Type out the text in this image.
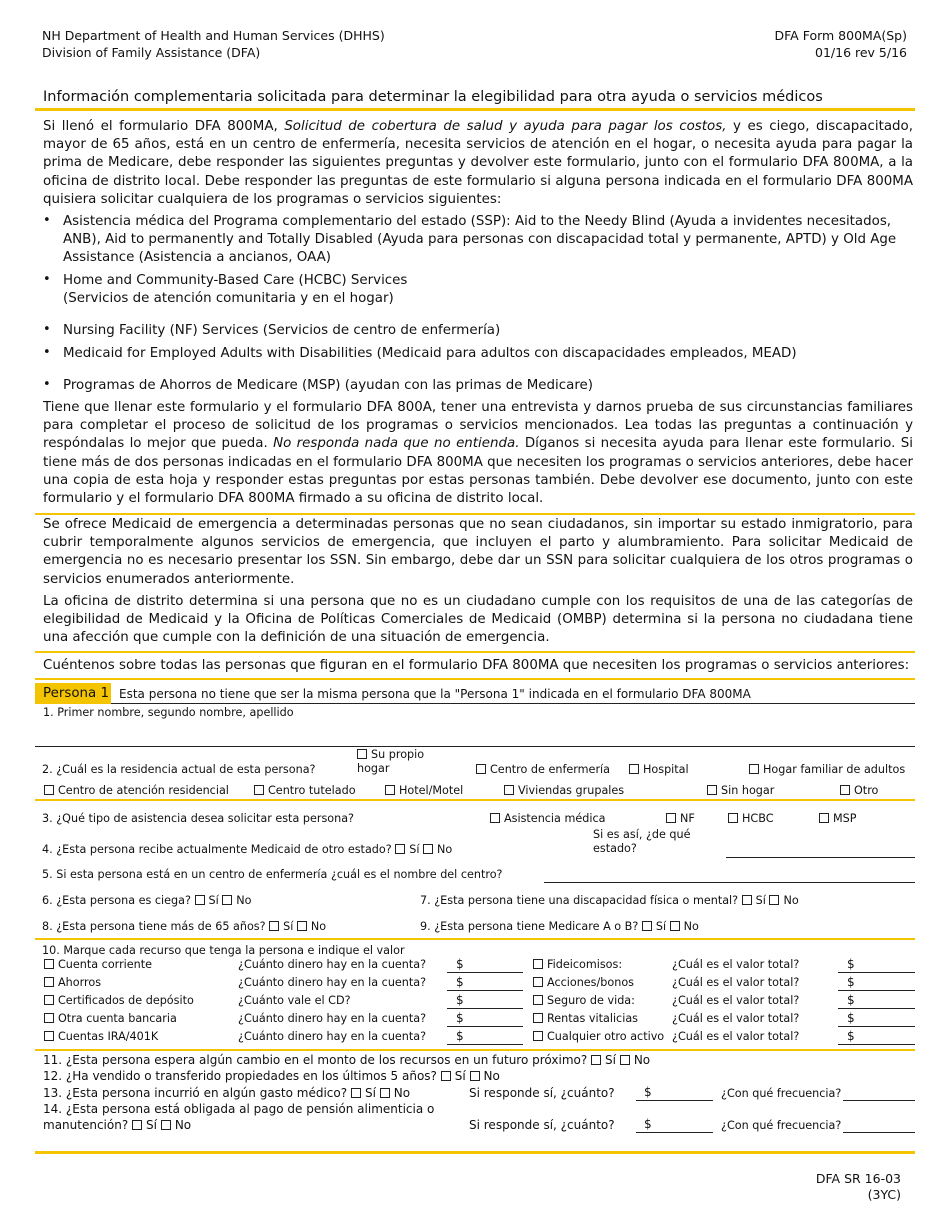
NH Department of Health and Human Services (DHHS)
Division of Family Assistance (DFA)
DFA Form 800MA(Sp)
01/16 rev 5/16
Información complementaria solicitada para determinar la elegibilidad para otra ayuda o servicios médicos
Si llenó el formulario DFA 800MA, Solicitud de cobertura de salud y ayuda para pagar los costos, y es ciego, discapacitado, mayor de 65 años, está en un centro de enfermería, necesita servicios de atención en el hogar, o necesita ayuda para pagar la prima de Medicare, debe responder las siguientes preguntas y devolver este formulario, junto con el formulario DFA 800MA, a la oficina de distrito local. Debe responder las preguntas de este formulario si alguna persona indicada en el formulario DFA 800MA quisiera solicitar cualquiera de los programas o servicios siguientes:
• Asistencia médica del Programa complementario del estado (SSP): Aid to the Needy Blind (Ayuda a invidentes necesitados, ANB), Aid to permanently and Totally Disabled (Ayuda para personas con discapacidad total y permanente, APTD) y Old Age Assistance (Asistencia a ancianos, OAA)
• Home and Community-Based Care (HCBC) Services
(Servicios de atención comunitaria y en el hogar)
• Nursing Facility (NF) Services (Servicios de centro de enfermería)
• Medicaid for Employed Adults with Disabilities (Medicaid para adultos con discapacidades empleados, MEAD)
• Programas de Ahorros de Medicare (MSP) (ayudan con las primas de Medicare)
Tiene que llenar este formulario y el formulario DFA 800A, tener una entrevista y darnos prueba de sus circunstancias familiares para completar el proceso de solicitud de los programas o servicios mencionados. Lea todas las preguntas a continuación y respóndalas lo mejor que pueda. No responda nada que no entienda. Díganos si necesita ayuda para llenar este formulario. Si tiene más de dos personas indicadas en el formulario DFA 800MA que necesiten los programas o servicios anteriores, debe hacer una copia de esta hoja y responder estas preguntas por estas personas también. Debe devolver ese documento, junto con este formulario y el formulario DFA 800MA firmado a su oficina de distrito local.
Se ofrece Medicaid de emergencia a determinadas personas que no sean ciudadanos, sin importar su estado inmigratorio, para cubrir temporalmente algunos servicios de emergencia, que incluyen el parto y alumbramiento. Para solicitar Medicaid de emergencia no es necesario presentar los SSN. Sin embargo, debe dar un SSN para solicitar cualquiera de los otros programas o servicios enumerados anteriormente.
La oficina de distrito determina si una persona que no es un ciudadano cumple con los requisitos de una de las categorías de elegibilidad de Medicaid y la Oficina de Políticas Comerciales de Medicaid (OMBP) determina si la persona no ciudadana tiene una afección que cumple con la definición de una situación de emergencia.
Cuéntenos sobre todas las personas que figuran en el formulario DFA 800MA que necesiten los programas o servicios anteriores:
Persona 1 Esta persona no tiene que ser la misma persona que la "Persona 1" indicada en el formulario DFA 800MA
1. Primer nombre, segundo nombre, apellido
2. ¿Cuál es la residencia actual de esta persona?
Su propio hogar	Centro de enfermería	Hospital	Hogar familiar de adultos
Centro de atención residencial	Centro tutelado	Hotel/Motel	Viviendas grupales	Sin hogar	Otro
3. ¿Qué tipo de asistencia desea solicitar esta persona?	Asistencia médica	NF	HCBC	MSP
4. ¿Esta persona recibe actualmente Medicaid de otro estado? Sí No
Si es así, ¿de qué estado?
5. Si esta persona está en un centro de enfermería ¿cuál es el nombre del centro?
6. ¿Esta persona es ciega? Sí No	7. ¿Esta persona tiene una discapacidad física o mental? Sí No
8. ¿Esta persona tiene más de 65 años? Sí No	9. ¿Esta persona tiene Medicare A o B? Sí No
10. Marque cada recurso que tenga la persona e indique el valor
Cuenta corriente	¿Cuánto dinero hay en la cuenta? $	Fideicomisos:	¿Cuál es el valor total?	$
Ahorros	¿Cuánto dinero hay en la cuenta? $	Acciones/bonos	¿Cuál es el valor total?	$
Certificados de depósito	¿Cuánto vale el CD?	$	Seguro de vida:	¿Cuál es el valor total?	$
Otra cuenta bancaria	¿Cuánto dinero hay en la cuenta? $	Rentas vitalicias	¿Cuál es el valor total?	$
Cuentas IRA/401K	¿Cuánto dinero hay en la cuenta? $	Cualquier otro activo ¿Cuál es el valor total?	$
11. ¿Esta persona espera algún cambio en el monto de los recursos en un futuro próximo? Sí No
12. ¿Ha vendido o transferido propiedades en los últimos 5 años? Sí No
13. ¿Esta persona incurrió en algún gasto médico? Sí No	Si responde sí, ¿cuánto? $	¿Con qué frecuencia?
14. ¿Esta persona está obligada al pago de pensión alimenticia o
manutención? Sí No	Si responde sí, ¿cuánto? $	¿Con qué frecuencia?
DFA SR 16-03
(3YC)
